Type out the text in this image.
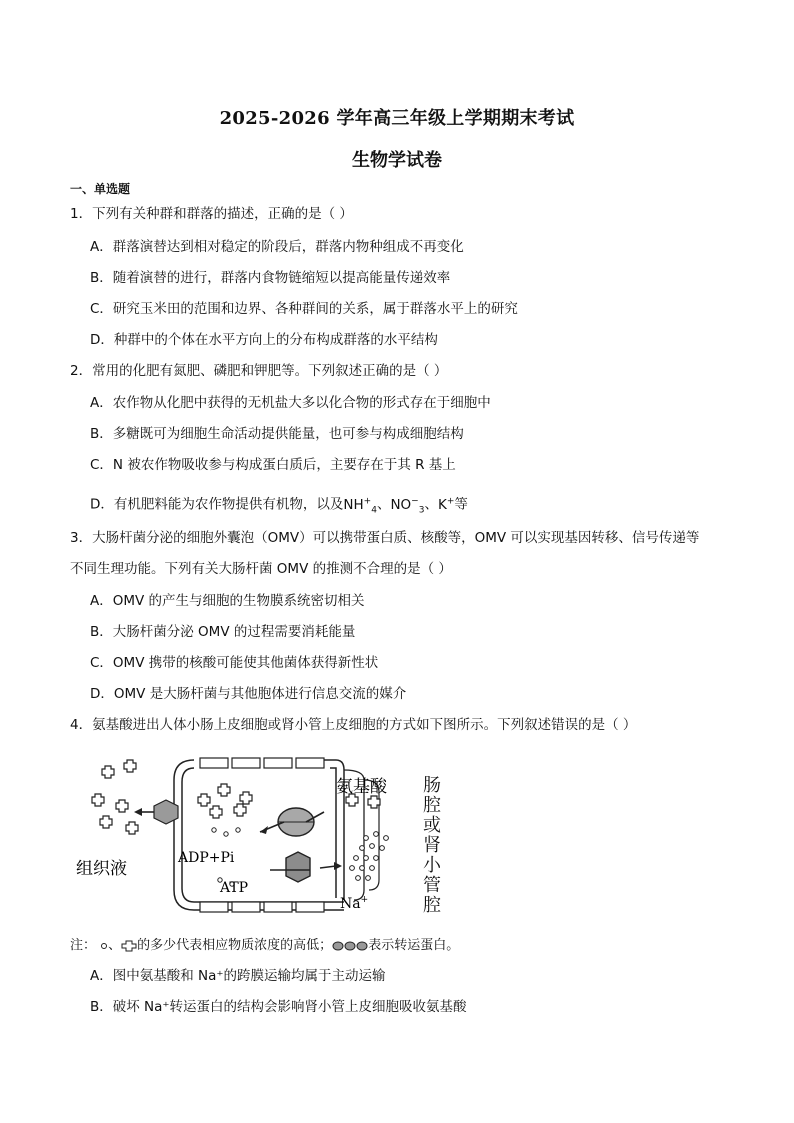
2025-2026 学年高三年级上学期期末考试
生物学试卷
一、单选题
1．下列有关种群和群落的描述，正确的是（ ）
A．群落演替达到相对稳定的阶段后，群落内物种组成不再变化
B．随着演替的进行，群落内食物链缩短以提高能量传递效率
C．研究玉米田的范围和边界、各种群间的关系，属于群落水平上的研究
D．种群中的个体在水平方向上的分布构成群落的水平结构
2．常用的化肥有氮肥、磷肥和钾肥等。下列叙述正确的是（ ）
A．农作物从化肥中获得的无机盐大多以化合物的形式存在于细胞中
B．多糖既可为细胞生命活动提供能量，也可参与构成细胞结构
C．N 被农作物吸收参与构成蛋白质后，主要存在于其 R 基上
D．有机肥料能为农作物提供有机物，以及$NH^+_4$、$NO^-_3$、K+等
3．大肠杆菌分泌的细胞外囊泡（OMV）可以携带蛋白质、核酸等，OMV 可以实现基因转移、信号传递等
不同生理功能。下列有关大肠杆菌 OMV 的推测不合理的是（ ）
A．OMV 的产生与细胞的生物膜系统密切相关
B．大肠杆菌分泌 OMV 的过程需要消耗能量
C．OMV 携带的核酸可能使其他菌体获得新性状
D．OMV 是大肠杆菌与其他胞体进行信息交流的媒介
4．氨基酸进出人体小肠上皮细胞或肾小管上皮细胞的方式如下图所示。下列叙述错误的是（ ）
氨基酸
组织液
ADP+Pi
ATP
Na+
肠
腔
或
肾
小
管
腔
注： 、 的多少代表相应物质浓度的高低；	表示转运蛋白。
A．图中氨基酸和 Na⁺的跨膜运输均属于主动运输
B．破坏 Na⁺转运蛋白的结构会影响肾小管上皮细胞吸收氨基酸
